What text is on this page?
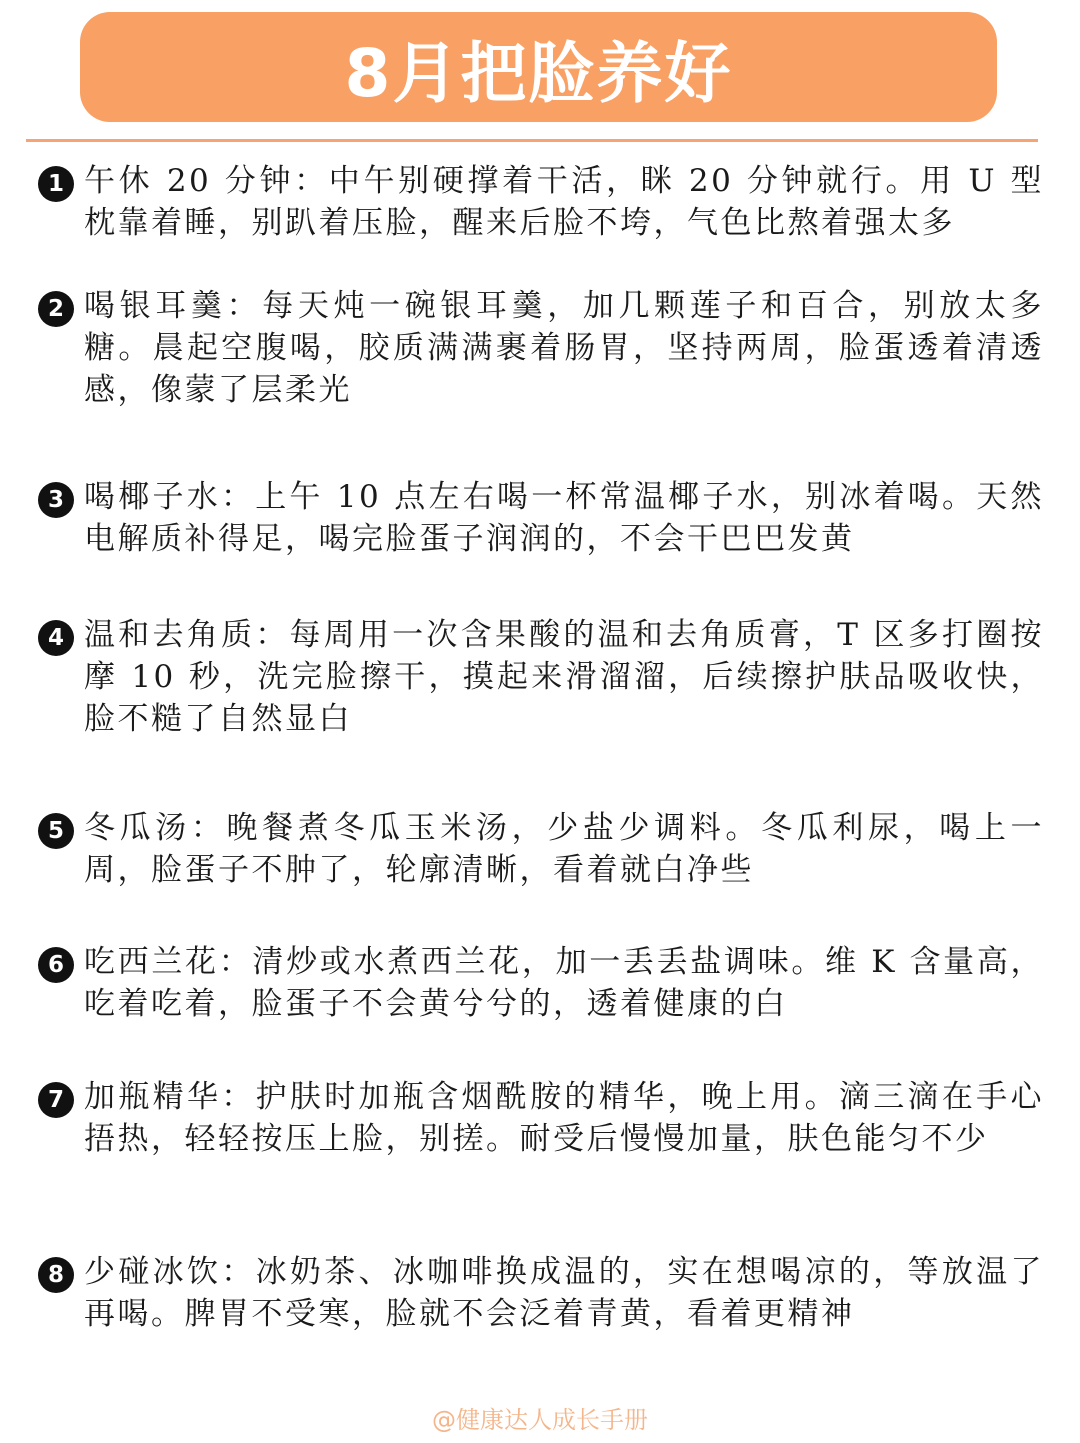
8月把脸养好
1 午休 20 分钟：中午别硬撑着干活，眯 20 分钟就行。用 U 型枕靠着睡，别趴着压脸，醒来后脸不垮，气色比熬着强太多
2 喝银耳羹：每天炖一碗银耳羹，加几颗莲子和百合，别放太多糖。晨起空腹喝，胶质满满裹着肠胃，坚持两周，脸蛋透着清透感，像蒙了层柔光
3 喝椰子水：上午 10 点左右喝一杯常温椰子水，别冰着喝。天然电解质补得足，喝完脸蛋子润润的，不会干巴巴发黄
4 温和去角质：每周用一次含果酸的温和去角质膏，T 区多打圈按摩 10 秒，洗完脸擦干，摸起来滑溜溜，后续擦护肤品吸收快，脸不糙了自然显白
5 冬瓜汤：晚餐煮冬瓜玉米汤，少盐少调料。冬瓜利尿，喝上一周，脸蛋子不肿了，轮廓清晰，看着就白净些
6 吃西兰花：清炒或水煮西兰花，加一丢丢盐调味。维 K 含量高，吃着吃着，脸蛋子不会黄兮兮的，透着健康的白
7 加瓶精华：护肤时加瓶含烟酰胺的精华，晚上用。滴三滴在手心捂热，轻轻按压上脸，别搓。耐受后慢慢加量，肤色能匀不少
8 少碰冰饮：冰奶茶、冰咖啡换成温的，实在想喝凉的，等放温了再喝。脾胃不受寒，脸就不会泛着青黄，看着更精神
@健康达人成长手册
